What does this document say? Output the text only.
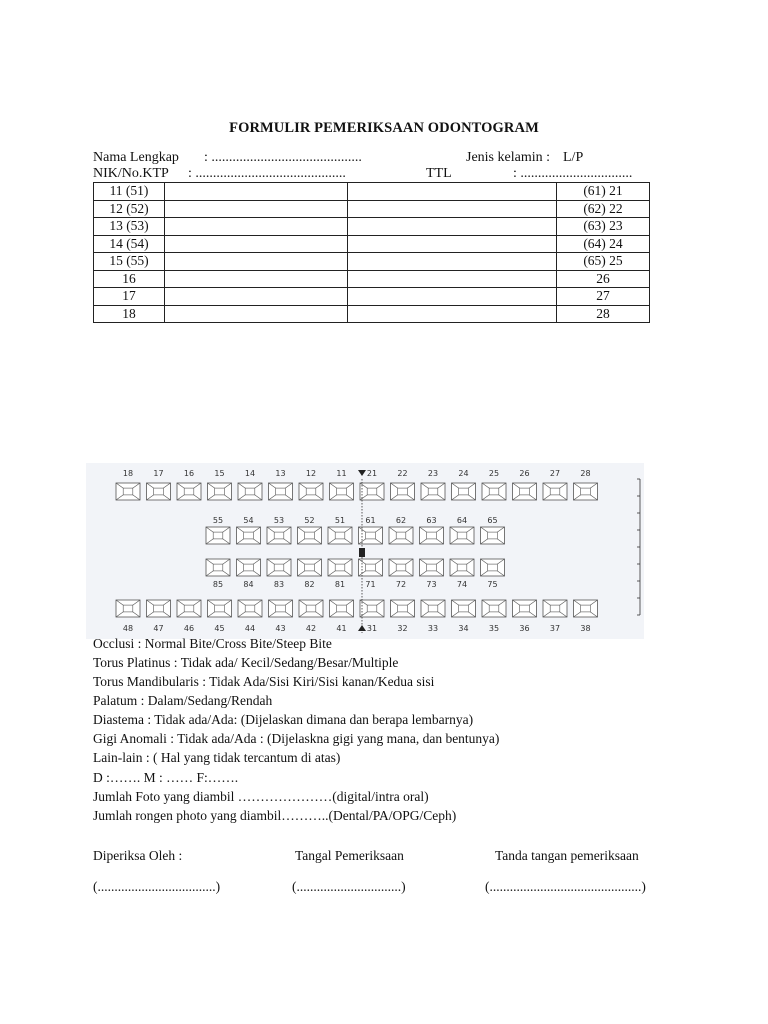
FORMULIR PEMERIKSAAN ODONTOGRAM
Nama Lengkap : ...........................................	Jenis kelamin : L/P
NIK/No.KTP : ...........................................	TTL	: ................................
11 (51)			(61) 21
12 (52)			(62) 22
13 (53)			(63) 23
14 (54)			(64) 24
15 (55)			(65) 25
16			26
17			27
18			28
18	17	16	15	14	13	12	11	21	22	23	24	25	26	27	28
55	54	53	52	51	61	62	63	64	65
85	84	83	82	81	71	72	73	74	75
48	47	46	45	44	43	42	41	31	32	33	34	35	36	37	38
Occlusi : Normal Bite/Cross Bite/Steep Bite
Torus Platinus : Tidak ada/ Kecil/Sedang/Besar/Multiple
Torus Mandibularis : Tidak Ada/Sisi Kiri/Sisi kanan/Kedua sisi
Palatum : Dalam/Sedang/Rendah
Diastema : Tidak ada/Ada: (Dijelaskan dimana dan berapa lembarnya)
Gigi Anomali : Tidak ada/Ada : (Dijelaskna gigi yang mana, dan bentunya)
Lain-lain : ( Hal yang tidak tercantum di atas)
D :……. M : …… F:…….
Jumlah Foto yang diambil …………………(digital/intra oral)
Jumlah rongen photo yang diambil………..(Dental/PA/OPG/Ceph)
Diperiksa Oleh :	Tangal Pemeriksaan	Tanda tangan pemeriksaan
(...................................)	(...............................)	(.............................................)
